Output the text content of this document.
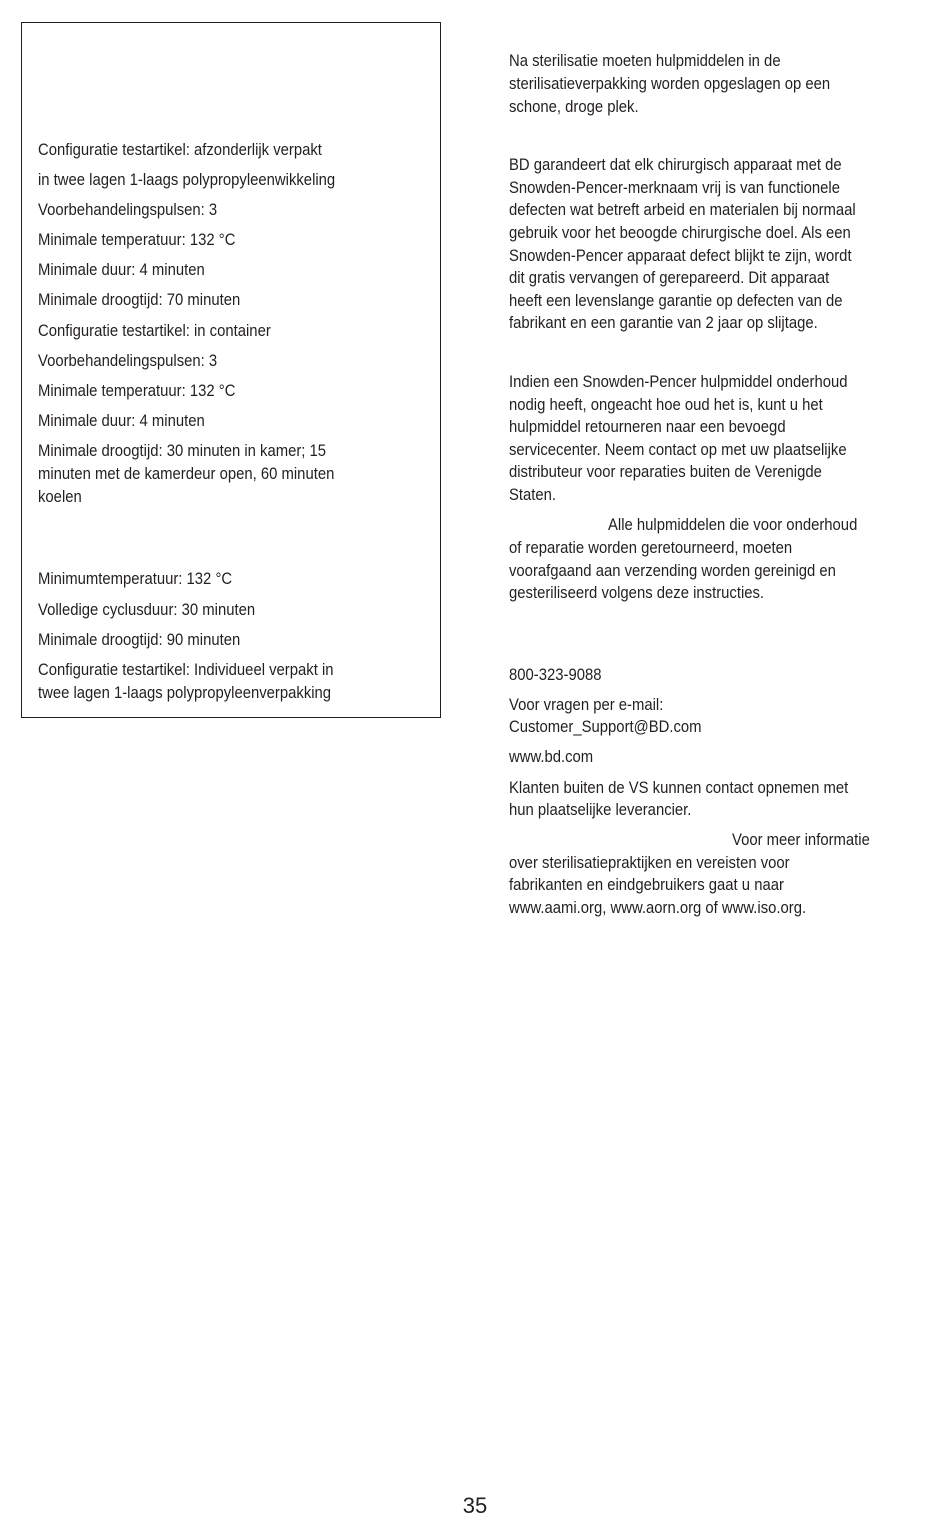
Configuratie testartikel: afzonderlijk verpakt
in twee lagen 1-laags polypropyleenwikkeling
Voorbehandelingspulsen: 3
Minimale temperatuur: 132 °C
Minimale duur: 4 minuten
Minimale droogtijd: 70 minuten
Configuratie testartikel: in container
Voorbehandelingspulsen: 3
Minimale temperatuur: 132 °C
Minimale duur: 4 minuten
Minimale droogtijd: 30 minuten in kamer; 15
minuten met de kamerdeur open, 60 minuten
koelen
Minimumtemperatuur: 132 °C
Volledige cyclusduur: 30 minuten
Minimale droogtijd: 90 minuten
Configuratie testartikel: Individueel verpakt in
twee lagen 1-laags polypropyleenverpakking
Na sterilisatie moeten hulpmiddelen in de
sterilisatieverpakking worden opgeslagen op een
schone, droge plek.
BD garandeert dat elk chirurgisch apparaat met de
Snowden-Pencer-merknaam vrij is van functionele
defecten wat betreft arbeid en materialen bij normaal
gebruik voor het beoogde chirurgische doel. Als een
Snowden-Pencer apparaat defect blijkt te zijn, wordt
dit gratis vervangen of gerepareerd. Dit apparaat
heeft een levenslange garantie op defecten van de
fabrikant en een garantie van 2 jaar op slijtage.
Indien een Snowden-Pencer hulpmiddel onderhoud
nodig heeft, ongeacht hoe oud het is, kunt u het
hulpmiddel retourneren naar een bevoegd
servicecenter. Neem contact op met uw plaatselijke
distributeur voor reparaties buiten de Verenigde
Staten.
Alle hulpmiddelen die voor onderhoud
of reparatie worden geretourneerd, moeten
voorafgaand aan verzending worden gereinigd en
gesteriliseerd volgens deze instructies.
800-323-9088
Voor vragen per e-mail:
Customer_Support@BD.com
www.bd.com
Klanten buiten de VS kunnen contact opnemen met
hun plaatselijke leverancier.
Voor meer informatie
over sterilisatiepraktijken en vereisten voor
fabrikanten en eindgebruikers gaat u naar
www.aami.org, www.aorn.org of www.iso.org.
35
